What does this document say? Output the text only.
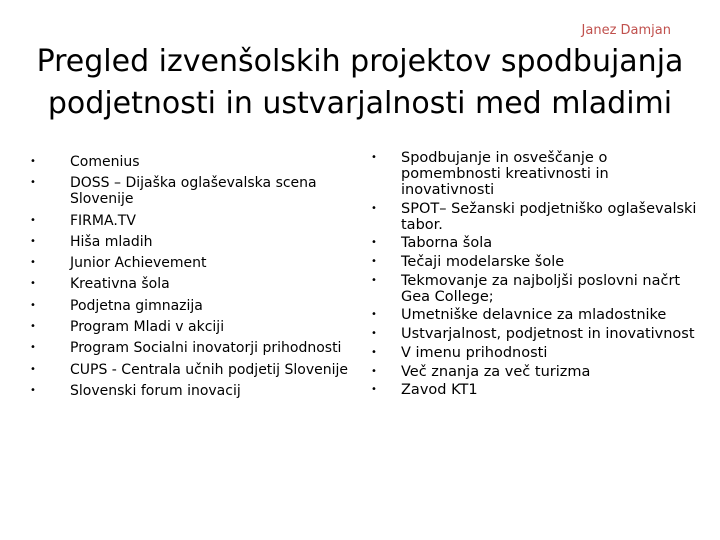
Janez Damjan
Pregled izvenšolskih projektov spodbujanja podjetnosti in ustvarjalnosti med mladimi
• Comenius
• DOSS – Dijaška oglaševalska scena Slovenije
• FIRMA.TV
• Hiša mladih
• Junior Achievement
• Kreativna šola
• Podjetna gimnazija
• Program Mladi v akciji
• Program Socialni inovatorji prihodnosti
• CUPS - Centrala učnih podjetij Slovenije
• Slovenski forum inovacij
• Spodbujanje in osveščanje o pomembnosti kreativnosti in inovativnosti
• SPOT– Sežanski podjetniško oglaševalski tabor.
• Taborna šola
• Tečaji modelarske šole
• Tekmovanje za najboljši poslovni načrt Gea College;
• Umetniške delavnice za mladostnike
• Ustvarjalnost, podjetnost in inovativnost
• V imenu prihodnosti
• Več znanja za več turizma
• Zavod KT1
